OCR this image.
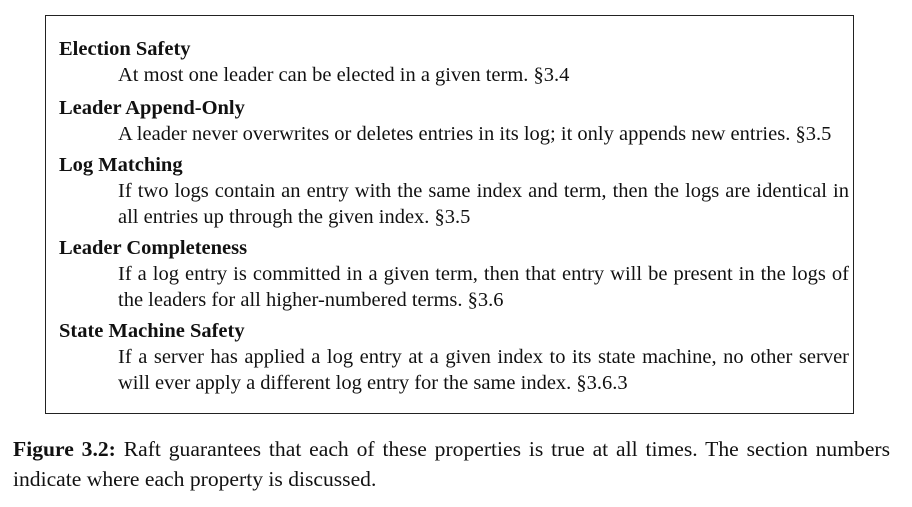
Election Safety
At most one leader can be elected in a given term. §3.4
Leader Append-Only
A leader never overwrites or deletes entries in its log; it only appends new entries. §3.5
Log Matching
If two logs contain an entry with the same index and term, then the logs are identical in all entries up through the given index. §3.5
Leader Completeness
If a log entry is committed in a given term, then that entry will be present in the logs of the leaders for all higher-numbered terms. §3.6
State Machine Safety
If a server has applied a log entry at a given index to its state machine, no other server will ever apply a different log entry for the same index. §3.6.3
Figure 3.2: Raft guarantees that each of these properties is true at all times. The section numbers indicate where each property is discussed.
